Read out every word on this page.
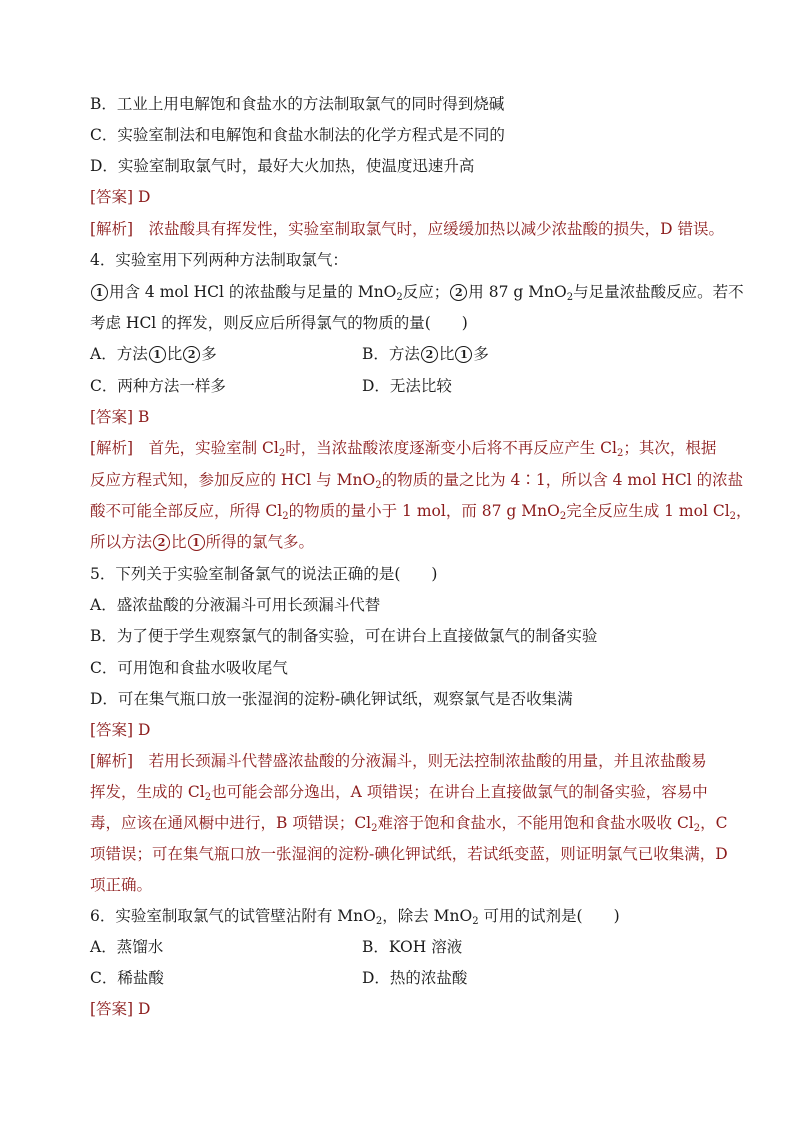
B．工业上用电解饱和食盐水的方法制取氯气的同时得到烧碱
C．实验室制法和电解饱和食盐水制法的化学方程式是不同的
D．实验室制取氯气时，最好大火加热，使温度迅速升高
[答案] D
[解析]　浓盐酸具有挥发性，实验室制取氯气时，应缓缓加热以减少浓盐酸的损失，D 错误。
4．实验室用下列两种方法制取氯气：
1 用含 4 mol HCl 的浓盐酸与足量的 MnO$_2$反应； 2 用 87 g MnO$_2$与足量浓盐酸反应。若不
考虑 HCl 的挥发，则反应后所得氯气的物质的量(　　)
A．方法 1 比 2 多	B．方法 2 比 1 多
C．两种方法一样多	D．无法比较
[答案] B
[解析]　首先，实验室制 $Cl_2$时，当浓盐酸浓度逐渐变小后将不再反应产生 $Cl_2$；其次，根据
反应方程式知，参加反应的 HCl 与 MnO$_2$的物质的量之比为 4∶1，所以含 4 mol HCl 的浓盐
酸不可能全部反应，所得 $Cl_2$的物质的量小于 1 mol，而 87 g MnO$_2$完全反应生成 1 mol $Cl_2$，
所以方法 2 比 1 所得的氯气多。
5．下列关于实验室制备氯气的说法正确的是(　　)
A．盛浓盐酸的分液漏斗可用长颈漏斗代替
B．为了便于学生观察氯气的制备实验，可在讲台上直接做氯气的制备实验
C．可用饱和食盐水吸收尾气
D．可在集气瓶口放一张湿润的淀粉-碘化钾试纸，观察氯气是否收集满
[答案] D
[解析]　若用长颈漏斗代替盛浓盐酸的分液漏斗，则无法控制浓盐酸的用量，并且浓盐酸易
挥发，生成的 $Cl_2$也可能会部分逸出，A 项错误；在讲台上直接做氯气的制备实验，容易中
毒，应该在通风橱中进行，B 项错误；$Cl_2$难溶于饱和食盐水，不能用饱和食盐水吸收 $Cl_2$，C
项错误；可在集气瓶口放一张湿润的淀粉-碘化钾试纸，若试纸变蓝，则证明氯气已收集满，D
项正确。
6．实验室制取氯气的试管壁沾附有 MnO$_2$，除去 MnO$_2$ 可用的试剂是(　　)
A．蒸馏水	B．KOH 溶液
C．稀盐酸	D．热的浓盐酸
[答案] D
